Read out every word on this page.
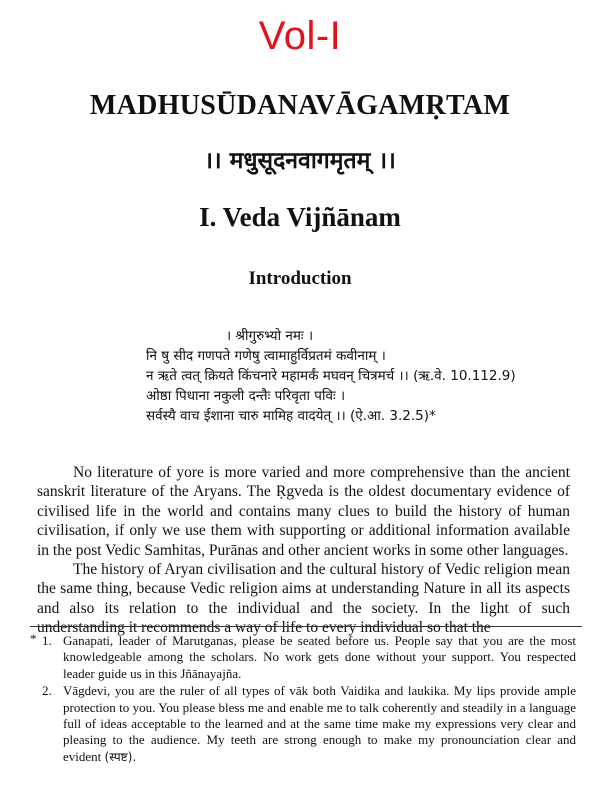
Vol-I
MADHUSŪDANAVĀGAMṚTAM
।। मधुसूदनवागमृतम् ।।
I. Veda Vijñānam
Introduction
। श्रीगुरुभ्यो नमः ।
नि षु सीद गणपते गणेषु त्वामाहुर्विप्रतमं कवीनाम् ।
न ऋते त्वत् क्रियते किंचनारे महामर्कं मघवन् चित्रमर्च ।। (ऋ.वे. 10.112.9)
ओष्ठा पिधाना नकुली दन्तैः परिवृता पविः ।
सर्वस्यै वाच ईशाना चारु मामिह वादयेत् ।। (ऐ.आ. 3.2.5)*

No literature of yore is more varied and more comprehensive than the ancient sanskrit literature of the Aryans. The Ṛgveda is the oldest documentary evidence of civilised life in the world and contains many clues to build the history of human civilisation, if only we use them with supporting or additional information available in the post Vedic Samhitas, Purānas and other ancient works in some other languages.

The history of Aryan civilisation and the cultural history of Vedic religion mean the same thing, because Vedic religion aims at understanding Nature in all its aspects and also its relation to the individual and the society. In the light of such understanding it recommends a way of life to every individual so that the

* 1. Ganapati, leader of Marutganas, please be seated before us. People say that you are the most knowledgeable among the scholars. No work gets done without your support. You respected leader guide us in this Jñānayajña.
2. Vāgdevi, you are the ruler of all types of vāk both Vaidika and laukika. My lips provide ample protection to you. You please bless me and enable me to talk coherently and steadily in a language full of ideas acceptable to the learned and at the same time make my expressions very clear and pleasing to the audience. My teeth are strong enough to make my pronounciation clear and evident (स्पष्ट).
